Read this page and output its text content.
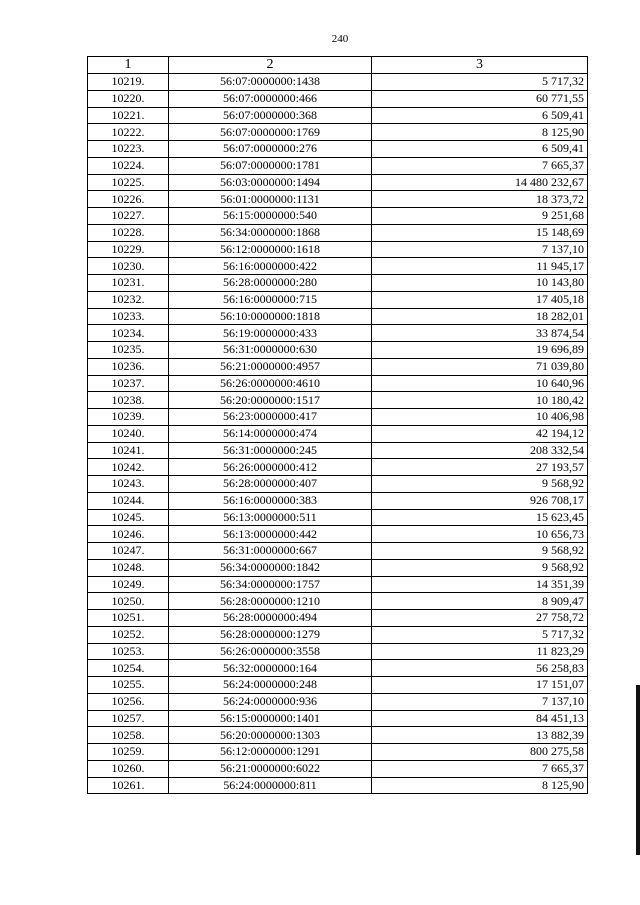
240
1	2	3
10219.	56:07:0000000:1438	5 717,32
10220.	56:07:0000000:466	60 771,55
10221.	56:07:0000000:368	6 509,41
10222.	56:07:0000000:1769	8 125,90
10223.	56:07:0000000:276	6 509,41
10224.	56:07:0000000:1781	7 665,37
10225.	56:03:0000000:1494	14 480 232,67
10226.	56:01:0000000:1131	18 373,72
10227.	56:15:0000000:540	9 251,68
10228.	56:34:0000000:1868	15 148,69
10229.	56:12:0000000:1618	7 137,10
10230.	56:16:0000000:422	11 945,17
10231.	56:28:0000000:280	10 143,80
10232.	56:16:0000000:715	17 405,18
10233.	56:10:0000000:1818	18 282,01
10234.	56:19:0000000:433	33 874,54
10235.	56:31:0000000:630	19 696,89
10236.	56:21:0000000:4957	71 039,80
10237.	56:26:0000000:4610	10 640,96
10238.	56:20:0000000:1517	10 180,42
10239.	56:23:0000000:417	10 406,98
10240.	56:14:0000000:474	42 194,12
10241.	56:31:0000000:245	208 332,54
10242.	56:26:0000000:412	27 193,57
10243.	56:28:0000000:407	9 568,92
10244.	56:16:0000000:383	926 708,17
10245.	56:13:0000000:511	15 623,45
10246.	56:13:0000000:442	10 656,73
10247.	56:31:0000000:667	9 568,92
10248.	56:34:0000000:1842	9 568,92
10249.	56:34:0000000:1757	14 351,39
10250.	56:28:0000000:1210	8 909,47
10251.	56:28:0000000:494	27 758,72
10252.	56:28:0000000:1279	5 717,32
10253.	56:26:0000000:3558	11 823,29
10254.	56:32:0000000:164	56 258,83
10255.	56:24:0000000:248	17 151,07
10256.	56:24:0000000:936	7 137,10
10257.	56:15:0000000:1401	84 451,13
10258.	56:20:0000000:1303	13 882,39
10259.	56:12:0000000:1291	800 275,58
10260.	56:21:0000000:6022	7 665,37
10261.	56:24:0000000:811	8 125,90
